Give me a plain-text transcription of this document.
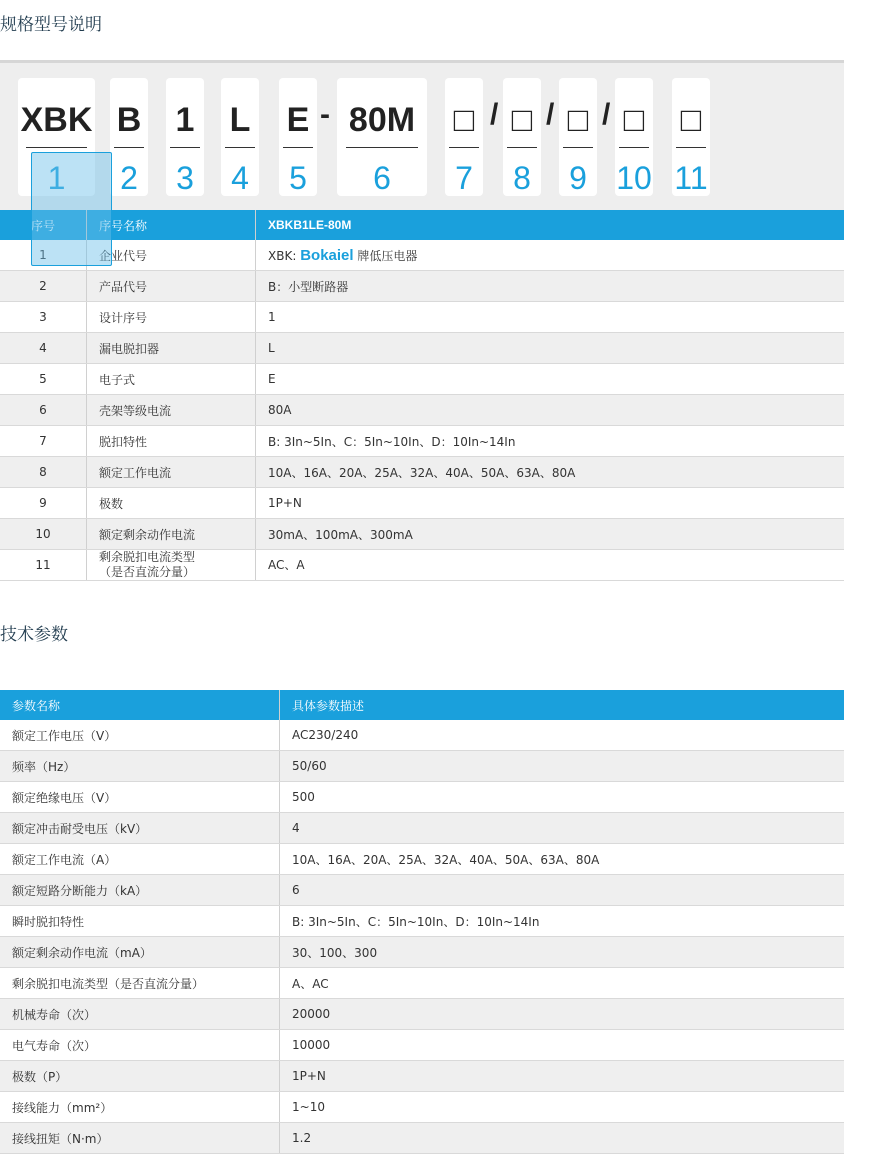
规格型号说明
XBK
1
B
2
1
3
L
4
E
5
- 80M
6
□
7
/ □
8
/ □
9
/ □
10
□
11
序号	序号名称	XBKB1LE-80M
1	企业代号	XBK: Bokaiel 牌低压电器
2	产品代号	B：小型断路器
3	设计序号	1
4	漏电脱扣器	L
5	电子式	E
6	壳架等级电流	80A
7	脱扣特性	B: 3In~5In、C：5In~10In、D：10In~14In
8	额定工作电流	10A、16A、20A、25A、32A、40A、50A、63A、80A
9	极数	1P+N
10	额定剩余动作电流	30mA、100mA、300mA
11	剩余脱扣电流类型
（是否直流分量）	AC、A
技术参数
参数名称	具体参数描述
额定工作电压（V）	AC230/240
频率（Hz）	50/60
额定绝缘电压（V）	500
额定冲击耐受电压（kV）	4
额定工作电流（A）	10A、16A、20A、25A、32A、40A、50A、63A、80A
额定短路分断能力（kA）	6
瞬时脱扣特性	B: 3In~5In、C：5In~10In、D：10In~14In
额定剩余动作电流（mA）	30、100、300
剩余脱扣电流类型（是否直流分量）	A、AC
机械寿命（次）	20000
电气寿命（次）	10000
极数（P）	1P+N
接线能力（mm²）	1~10
接线扭矩（N·m）	1.2
